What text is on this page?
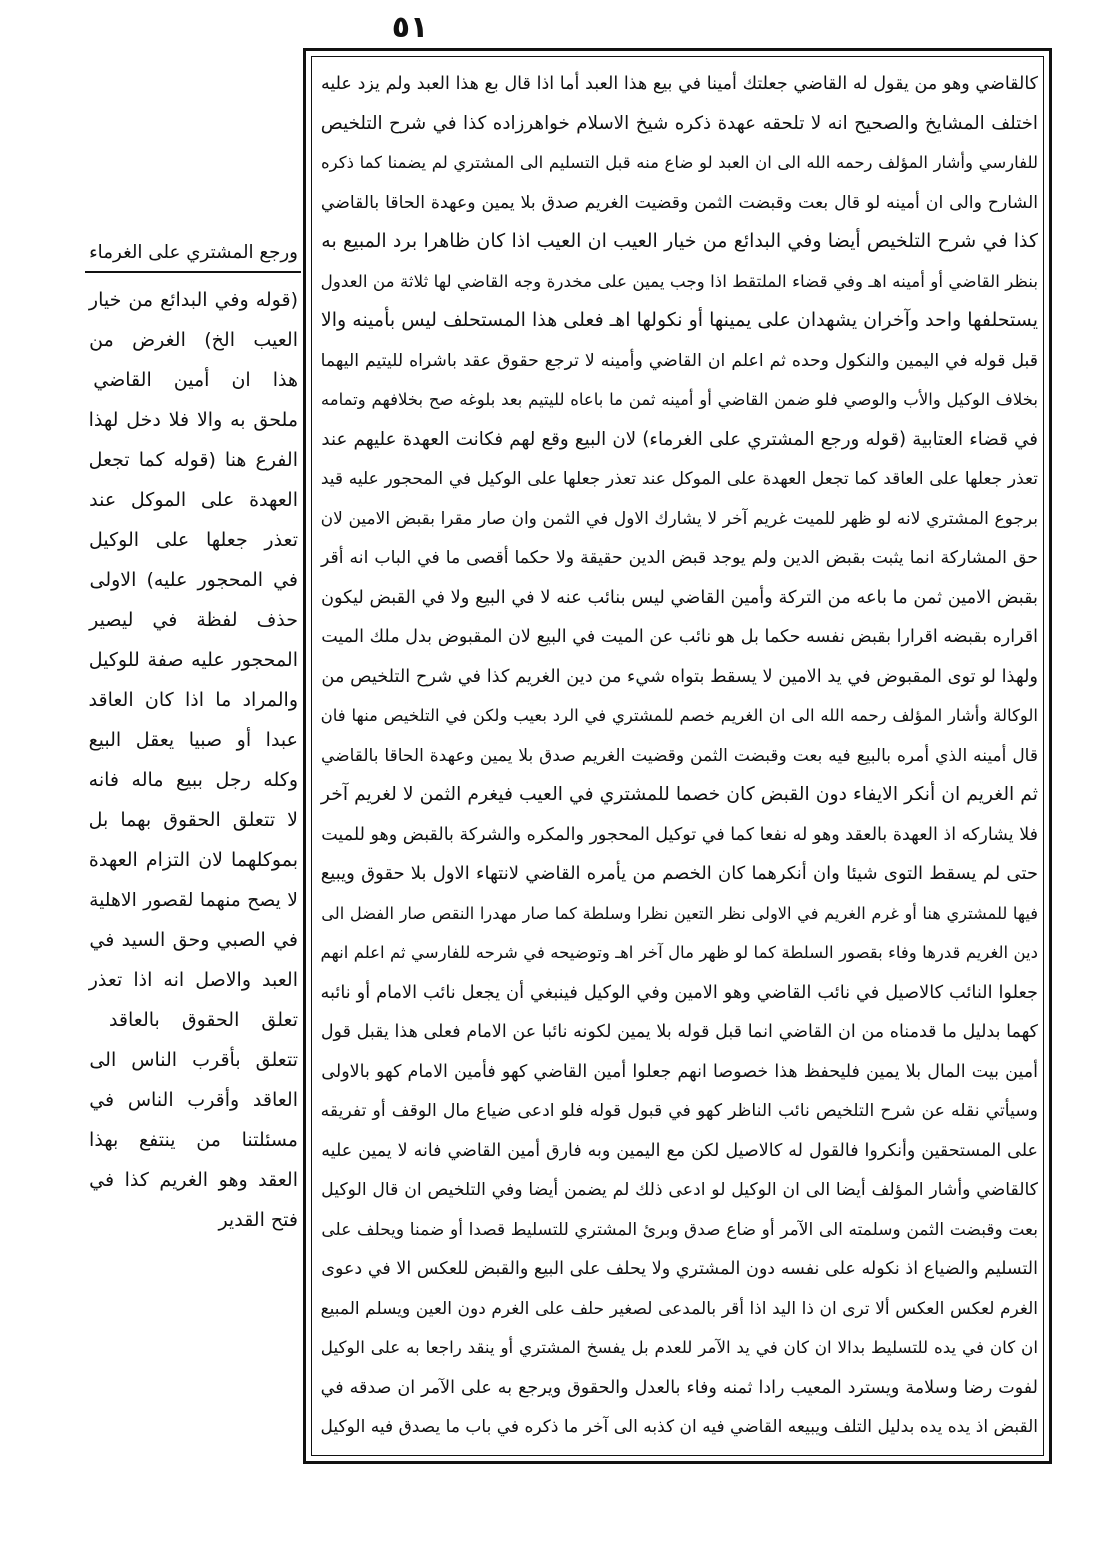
٥١
كالقاضي وهو من يقول له القاضي جعلتك أمينا في بيع هذا العبد أما اذا قال بع هذا العبد ولم يزد عليه
اختلف المشايخ والصحيح انه لا تلحقه عهدة ذكره شيخ الاسلام خواهرزاده كذا في شرح التلخيص
للفارسي وأشار المؤلف رحمه الله الى ان العبد لو ضاع منه قبل التسليم الى المشتري لم يضمنا كما ذكره
الشارح والى ان أمينه لو قال بعت وقبضت الثمن وقضيت الغريم صدق بلا يمين وعهدة الحاقا بالقاضي
كذا في شرح التلخيص أيضا وفي البدائع من خيار العيب ان العيب اذا كان ظاهرا برد المبيع به
بنظر القاضي أو أمينه اهـ وفي قضاء الملتقط اذا وجب يمين على مخدرة وجه القاضي لها ثلاثة من العدول
يستحلفها واحد وآخران يشهدان على يمينها أو نكولها اهـ فعلى هذا المستحلف ليس بأمينه والا
قبل قوله في اليمين والنكول وحده ثم اعلم ان القاضي وأمينه لا ترجع حقوق عقد باشراه لليتيم اليهما
بخلاف الوكيل والأب والوصي فلو ضمن القاضي أو أمينه ثمن ما باعاه لليتيم بعد بلوغه صح بخلافهم وتمامه
في قضاء العتابية (قوله ورجع المشتري على الغرماء) لان البيع وقع لهم فكانت العهدة عليهم عند
تعذر جعلها على العاقد كما تجعل العهدة على الموكل عند تعذر جعلها على الوكيل في المحجور عليه قيد
برجوع المشتري لانه لو ظهر للميت غريم آخر لا يشارك الاول في الثمن وان صار مقرا بقبض الامين لان
حق المشاركة انما يثبت بقبض الدين ولم يوجد قبض الدين حقيقة ولا حكما أقصى ما في الباب انه أقر
بقبض الامين ثمن ما باعه من التركة وأمين القاضي ليس بنائب عنه لا في البيع ولا في القبض ليكون
اقراره بقبضه اقرارا بقبض نفسه حكما بل هو نائب عن الميت في البيع لان المقبوض بدل ملك الميت
ولهذا لو توى المقبوض في يد الامين لا يسقط بتواه شيء من دين الغريم كذا في شرح التلخيص من
الوكالة وأشار المؤلف رحمه الله الى ان الغريم خصم للمشتري في الرد بعيب ولكن في التلخيص منها فان
قال أمينه الذي أمره بالبيع فيه بعت وقبضت الثمن وقضيت الغريم صدق بلا يمين وعهدة الحاقا بالقاضي
ثم الغريم ان أنكر الايفاء دون القبض كان خصما للمشتري في العيب فيغرم الثمن لا لغريم آخر
فلا يشاركه اذ العهدة بالعقد وهو له نفعا كما في توكيل المحجور والمكره والشركة بالقبض وهو للميت
حتى لم يسقط التوى شيئا وان أنكرهما كان الخصم من يأمره القاضي لانتهاء الاول بلا حقوق ويبيع
فيها للمشتري هنا أو غرم الغريم في الاولى نظر التعين نظرا وسلطة كما صار مهدرا النقص صار الفضل الى
دين الغريم قدرها وفاء بقصور السلطة كما لو ظهر مال آخر اهـ وتوضيحه في شرحه للفارسي ثم اعلم انهم
جعلوا النائب كالاصيل في نائب القاضي وهو الامين وفي الوكيل فينبغي أن يجعل نائب الامام أو نائبه
كهما بدليل ما قدمناه من ان القاضي انما قبل قوله بلا يمين لكونه نائبا عن الامام فعلى هذا يقبل قول
أمين بيت المال بلا يمين فليحفظ هذا خصوصا انهم جعلوا أمين القاضي كهو فأمين الامام كهو بالاولى
وسيأتي نقله عن شرح التلخيص نائب الناظر كهو في قبول قوله فلو ادعى ضياع مال الوقف أو تفريقه
على المستحقين وأنكروا فالقول له كالاصيل لكن مع اليمين وبه فارق أمين القاضي فانه لا يمين عليه
كالقاضي وأشار المؤلف أيضا الى ان الوكيل لو ادعى ذلك لم يضمن أيضا وفي التلخيص ان قال الوكيل
بعت وقبضت الثمن وسلمته الى الآمر أو ضاع صدق وبرئ المشتري للتسليط قصدا أو ضمنا ويحلف على
التسليم والضياع اذ نكوله على نفسه دون المشتري ولا يحلف على البيع والقبض للعكس الا في دعوى
الغرم لعكس العكس ألا ترى ان ذا اليد اذا أقر بالمدعى لصغير حلف على الغرم دون العين ويسلم المبيع
ان كان في يده للتسليط بدالا ان كان في يد الآمر للعدم بل يفسخ المشتري أو ينقد راجعا به على الوكيل
لفوت رضا وسلامة ويسترد المعيب رادا ثمنه وفاء بالعدل والحقوق ويرجع به على الآمر ان صدقه في
القبض اذ يده يده بدليل التلف ويبيعه القاضي فيه ان كذبه الى آخر ما ذكره في باب ما يصدق فيه الوكيل
ورجع المشتري على الغرماء
(قوله وفي البدائع من خيار
العيب الخ) الغرض من
هذا ان أمين القاضي
ملحق به والا فلا دخل لهذا
الفرع هنا (قوله كما تجعل
العهدة على الموكل عند
تعذر جعلها على الوكيل
في المحجور عليه) الاولى
حذف لفظة في ليصير
المحجور عليه صفة للوكيل
والمراد ما اذا كان العاقد
عبدا أو صبيا يعقل البيع
وكله رجل ببيع ماله فانه
لا تتعلق الحقوق بهما بل
بموكلهما لان التزام العهدة
لا يصح منهما لقصور الاهلية
في الصبي وحق السيد في
العبد والاصل انه اذا تعذر
تعلق الحقوق بالعاقد
تتعلق بأقرب الناس الى
العاقد وأقرب الناس في
مسئلتنا من ينتفع بهذا
العقد وهو الغريم كذا في
فتح القدير
